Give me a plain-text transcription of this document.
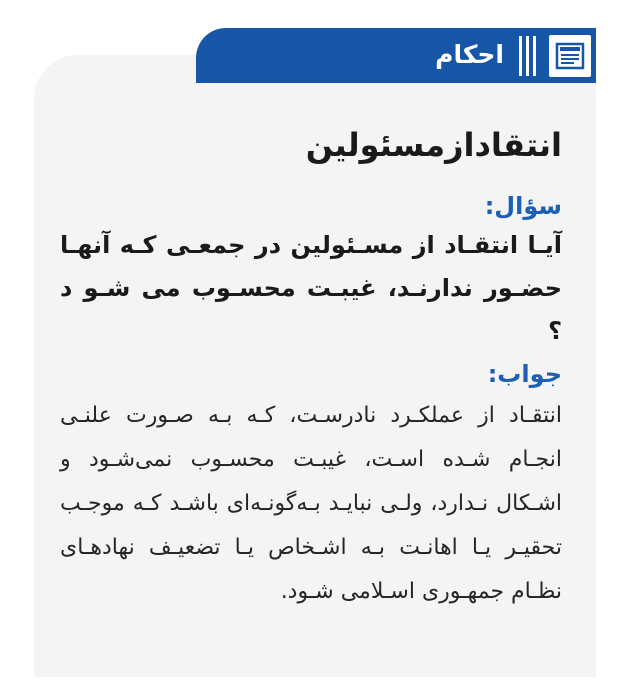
احکام
انتقادازمسئولین
سؤال:
آیـا انتقـاد از مسـئولین در جمعـی کـه آنهـا حضـور ندارنـد، غیبـت محسـوب می شـو د ؟
جواب:
انتقـاد از عملکـرد نادرسـت، کـه بـه صـورت علنـی انجـام شـده اسـت، غیبـت محسـوب نمی‌شـود و اشـکال نـدارد، ولـی نبایـد بـه‌گونـه‌ای باشـد کـه موجـب تحقیـر یـا اهانـت بـه اشـخاص یـا تضعیـف نهادهـای نظـام جمهـوری اسـلامی شـود.
